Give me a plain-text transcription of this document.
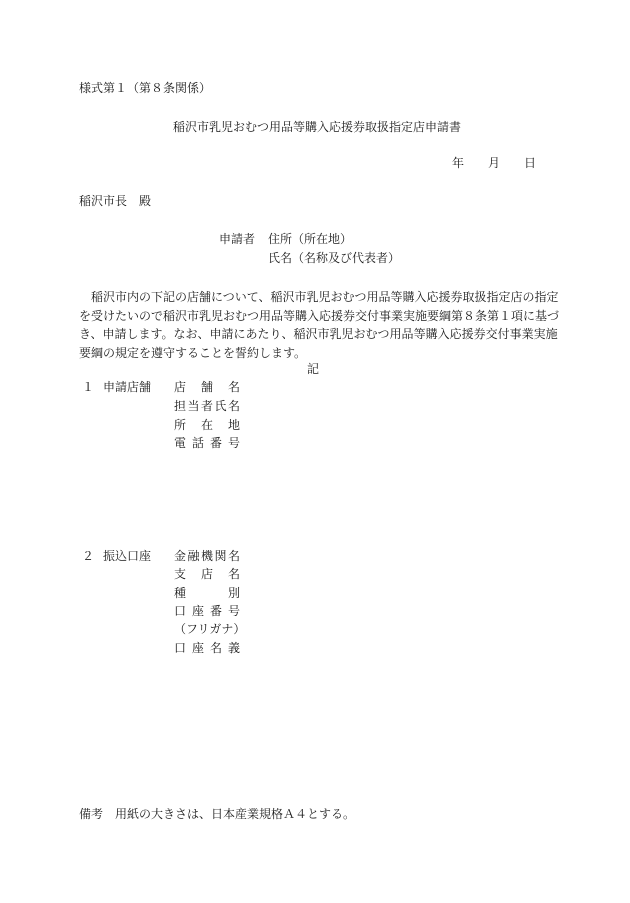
様式第１（第８条関係）
稲沢市乳児おむつ用品等購入応援券取扱指定店申請書
年 月 日
稲沢市長　殿
申請者 住所（所在地）
氏名（名称及び代表者）
稲沢市内の下記の店舗について、稲沢市乳児おむつ用品等購入応援券取扱指定店の指定
を受けたいので稲沢市乳児おむつ用品等購入応援券交付事業実施要綱第８条第１項に基づ
き、申請します。なお、申請にあたり、稲沢市乳児おむつ用品等購入応援券交付事業実施
要綱の規定を遵守することを誓約します。
記
１ 申請店舗 店舗名
担当者氏名
所在地
電話番号
２ 振込口座 金融機関名
支店名
種別
口座番号
（フリガナ）
口座名義
備考　用紙の大きさは、日本産業規格Ａ４とする。
